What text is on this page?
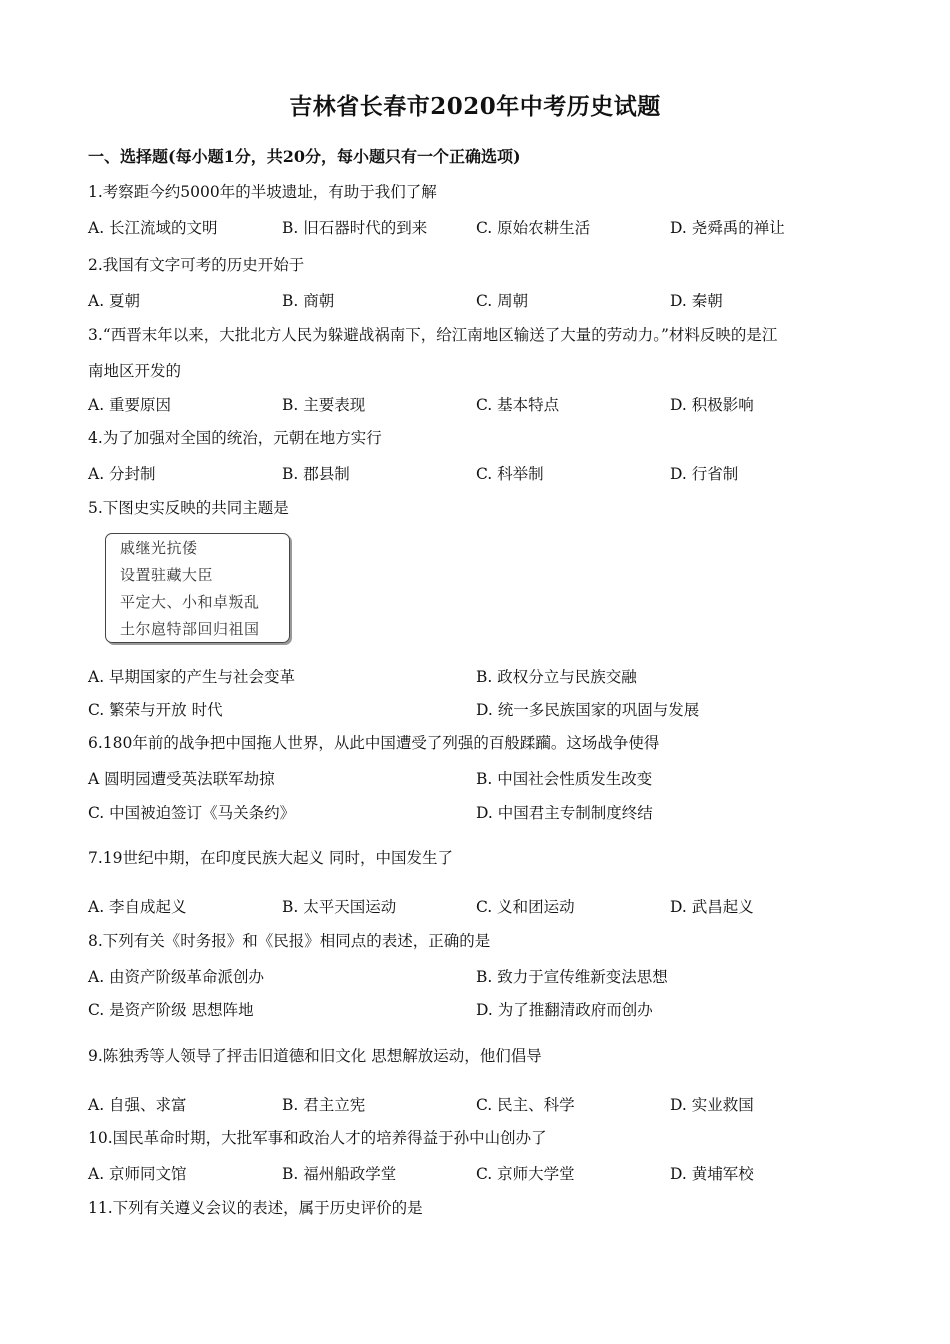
吉林省长春市2020年中考历史试题
一、选择题(每小题1分，共20分，每小题只有一个正确选项)
1.考察距今约5000年的半坡遗址，有助于我们了解
A. 长江流域的文明	B. 旧石器时代的到来	C. 原始农耕生活	D. 尧舜禹的禅让
2.我国有文字可考的历史开始于
A. 夏朝	B. 商朝	C. 周朝	D. 秦朝
3.“西晋末年以来，大批北方人民为躲避战祸南下，给江南地区输送了大量的劳动力。”材料反映的是江
南地区开发的
A. 重要原因	B. 主要表现	C. 基本特点	D. 积极影响
4.为了加强对全国的统治，元朝在地方实行
A. 分封制	B. 郡县制	C. 科举制	D. 行省制
5.下图史实反映的共同主题是
戚继光抗倭
设置驻藏大臣
平定大、小和卓叛乱
土尔扈特部回归祖国
A. 早期国家的产生与社会变革	B. 政权分立与民族交融
C. 繁荣与开放 时代	D. 统一多民族国家的巩固与发展
6.180年前的战争把中国拖人世界，从此中国遭受了列强的百般蹂躏。这场战争使得
A 圆明园遭受英法联军劫掠	B. 中国社会性质发生改变
C. 中国被迫签订《马关条约》	D. 中国君主专制制度终结
7.19世纪中期，在印度民族大起义 同时，中国发生了
A. 李自成起义	B. 太平天国运动	C. 义和团运动	D. 武昌起义
8.下列有关《时务报》和《民报》相同点的表述，正确的是
A. 由资产阶级革命派创办	B. 致力于宣传维新变法思想
C. 是资产阶级 思想阵地	D. 为了推翻清政府而创办
9.陈独秀等人领导了抨击旧道德和旧文化 思想解放运动，他们倡导
A. 自强、求富	B. 君主立宪	C. 民主、科学	D. 实业救国
10.国民革命时期，大批军事和政治人才的培养得益于孙中山创办了
A. 京师同文馆	B. 福州船政学堂	C. 京师大学堂	D. 黄埔军校
11.下列有关遵义会议的表述，属于历史评价的是
